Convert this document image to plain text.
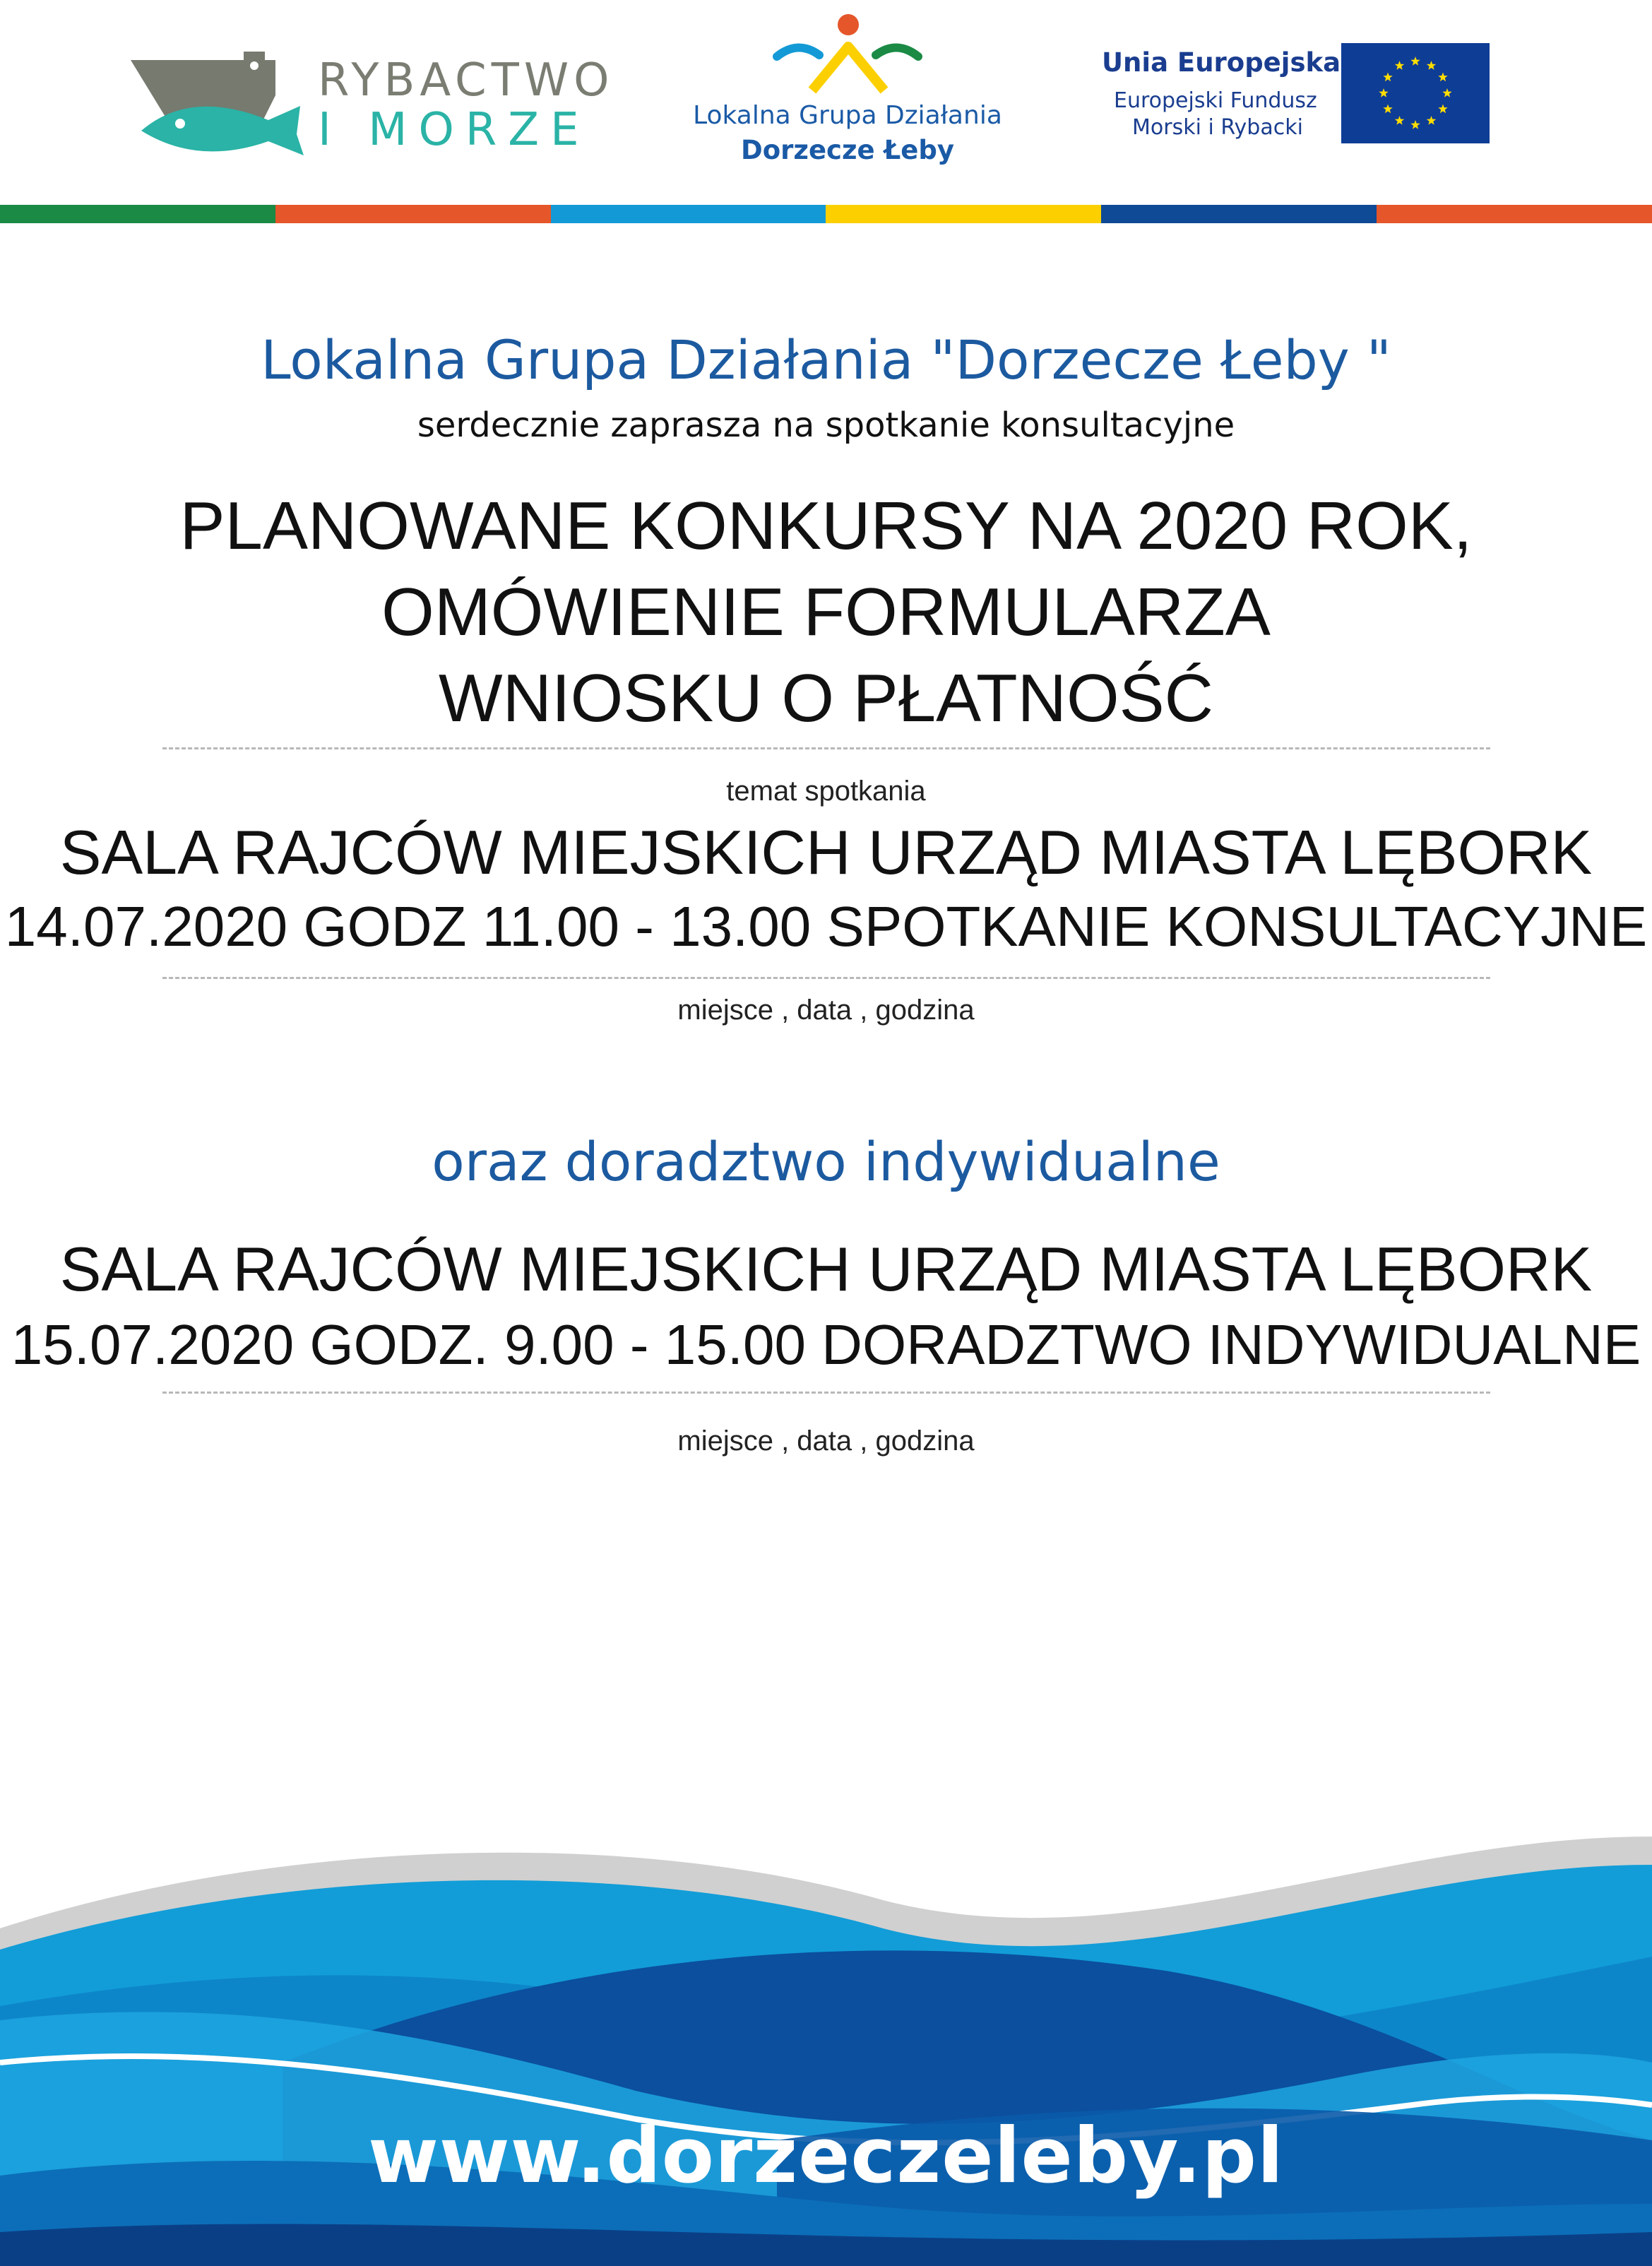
RYBACTWO
I MORZE	Lokalna Grupa Działania
Dorzecze Łeby
Unia Europejska
Europejski Fundusz
Morski i Rybacki
Lokalna Grupa Działania "Dorzecze Łeby "
serdecznie zaprasza na spotkanie konsultacyjne
PLANOWANE KONKURSY NA 2020 ROK,
OMÓWIENIE FORMULARZA
WNIOSKU O PŁATNOŚĆ
temat spotkania
SALA RAJCÓW MIEJSKICH URZĄD MIASTA LĘBORK
14.07.2020 GODZ 11.00 - 13.00 SPOTKANIE KONSULTACYJNE
miejsce , data , godzina
oraz doradztwo indywidualne
SALA RAJCÓW MIEJSKICH URZĄD MIASTA LĘBORK
15.07.2020 GODZ. 9.00 - 15.00 DORADZTWO INDYWIDUALNE
miejsce , data , godzina
www.dorzeczeleby.pl
